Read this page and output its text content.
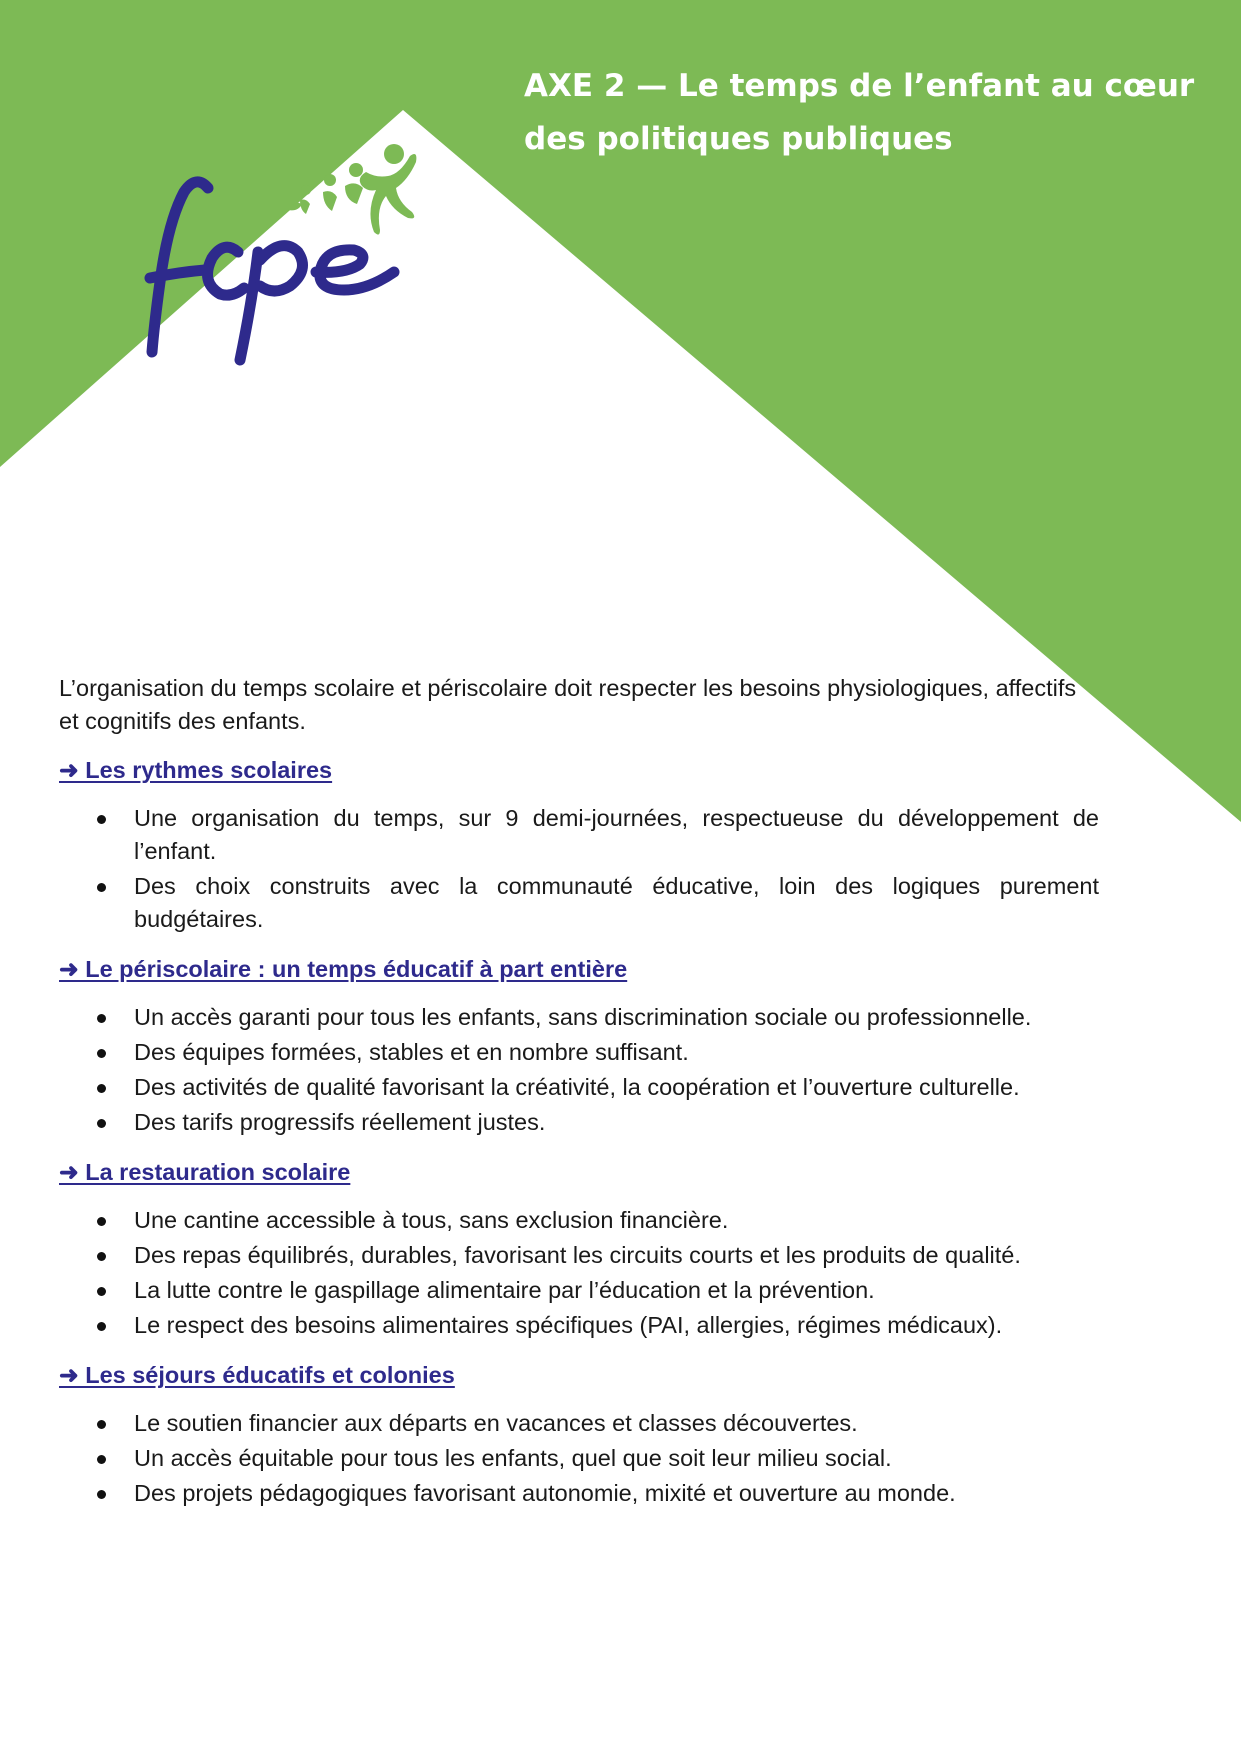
AXE 2 — Le temps de l’enfant au cœur des politiques publiques

L’organisation du temps scolaire et périscolaire doit respecter les besoins physiologiques, affectifs et cognitifs des enfants.

➜ Les rythmes scolaires
Une organisation du temps, sur 9 demi-journées, respectueuse du développement de l’enfant.
Des choix construits avec la communauté éducative, loin des logiques purement budgétaires.
➜ Le périscolaire : un temps éducatif à part entière
Un accès garanti pour tous les enfants, sans discrimination sociale ou professionnelle.
Des équipes formées, stables et en nombre suffisant.
Des activités de qualité favorisant la créativité, la coopération et l’ouverture culturelle.
Des tarifs progressifs réellement justes.
➜ La restauration scolaire
Une cantine accessible à tous, sans exclusion financière.
Des repas équilibrés, durables, favorisant les circuits courts et les produits de qualité.
La lutte contre le gaspillage alimentaire par l’éducation et la prévention.
Le respect des besoins alimentaires spécifiques (PAI, allergies, régimes médicaux).
➜ Les séjours éducatifs et colonies
Le soutien financier aux départs en vacances et classes découvertes.
Un accès équitable pour tous les enfants, quel que soit leur milieu social.
Des projets pédagogiques favorisant autonomie, mixité et ouverture au monde.
